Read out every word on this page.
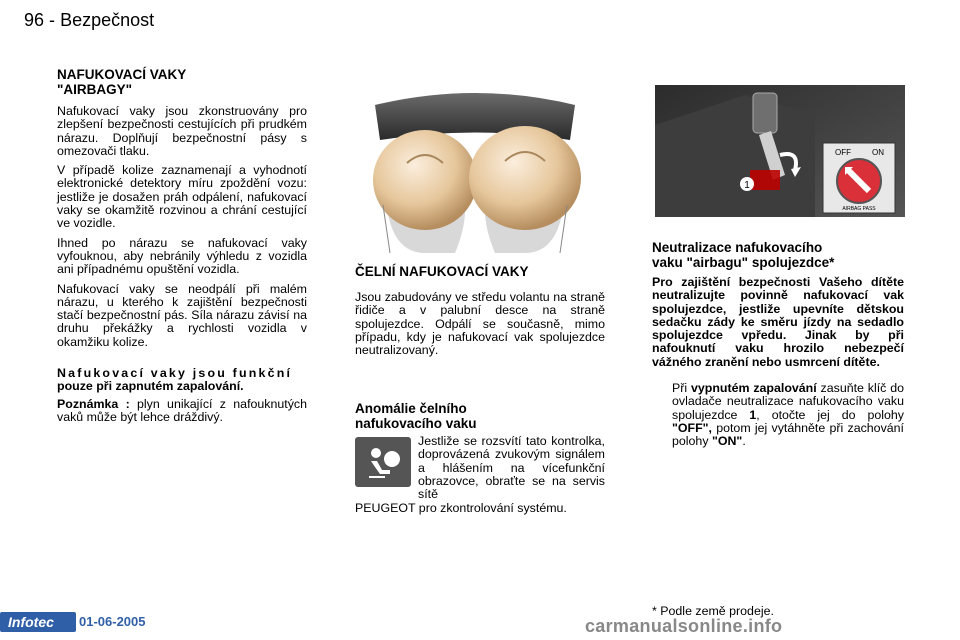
96 - Bezpečnost
NAFUKOVACÍ VAKY
"AIRBAGY"

Nafukovací vaky jsou zkonstruovány pro zlepšení bezpečnosti cestujících při prudkém nárazu. Doplňují bezpečnostní pásy s omezovači tlaku.

V případě kolize zaznamenají a vyhodnotí elektronické detektory míru zpoždění vozu: jestliže je dosažen práh odpálení, nafukovací vaky se okamžitě rozvinou a chrání cestující ve vozidle.

Ihned po nárazu se nafukovací vaky vyfouknou, aby nebránily výhledu z vozidla ani případnému opuštění vozidla.

Nafukovací vaky se neodpálí při malém nárazu, u kterého k zajištění bezpečnosti stačí bezpečnostní pás. Síla nárazu závisí na druhu překážky a rychlosti vozidla v okamžiku kolize.

Nafukovací vaky jsou funkční
pouze při zapnutém zapalování.

Poznámka : plyn unikající z nafouknutých vaků může být lehce dráždivý.

ČELNÍ NAFUKOVACÍ VAKY

Jsou zabudovány ve středu volantu na straně řidiče a v palubní desce na straně spolujezdce. Odpálí se současně, mimo případu, kdy je nafukovací vak spolujezdce neutralizovaný.

Anomálie čelního
nafukovacího vaku

Jestliže se rozsvítí tato kontrolka, doprovázená zvukovým signálem a hlášením na vícefunkční obrazovce, obraťte se na servis sítě

PEUGEOT pro zkontrolování systému.

1
OFF	ON
AIRBAG PASS
Neutralizace nafukovacího
vaku "airbagu" spolujezdce*

Pro zajištění bezpečnosti Vašeho dítěte neutralizujte povinně nafukovací vak spolujezdce, jestliže upevníte dětskou sedačku zády ke směru jízdy na sedadlo spolujezdce vpředu. Jinak by při nafouknutí vaku hrozilo nebezpečí vážného zranění nebo usmrcení dítěte.

Při vypnutém zapalování zasuňte klíč do ovladače neutralizace nafukovacího vaku spolujezdce 1, otočte jej do polohy "OFF", potom jej vytáhněte při zachování polohy "ON".

* Podle země prodeje.
Infotec	01-06-2005	carmanualsonline.info
